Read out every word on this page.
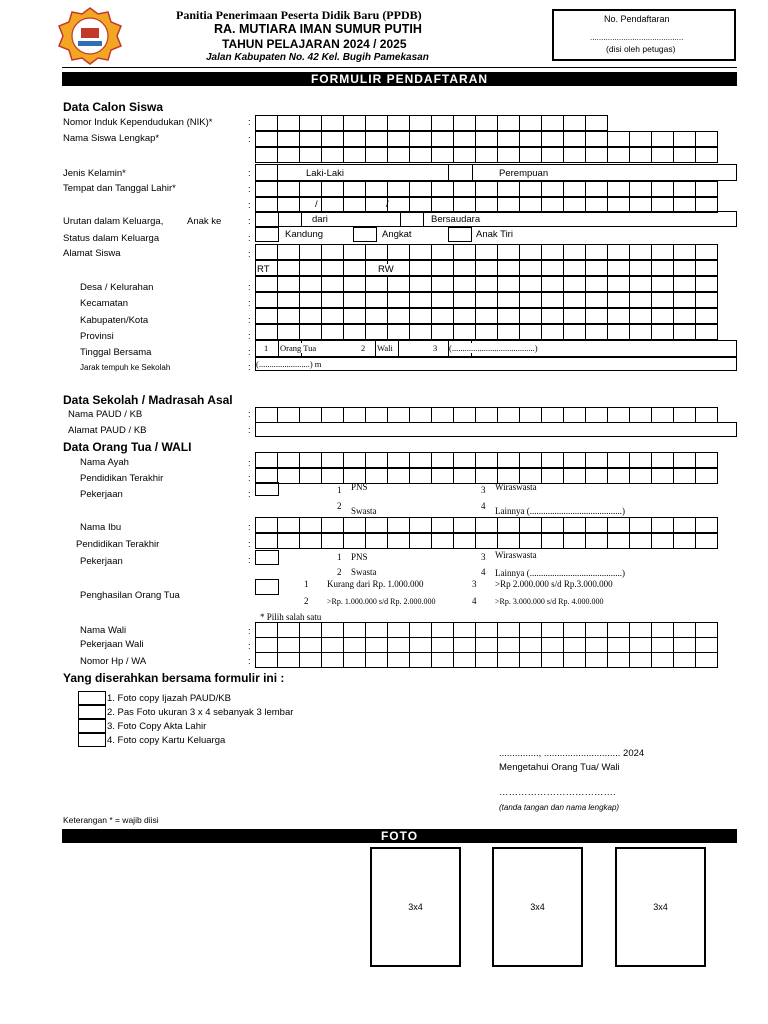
Panitia Penerimaan Peserta Didik Baru (PPDB)
RA. MUTIARA IMAN SUMUR PUTIH
TAHUN PELAJARAN 2024 / 2025
Jalan Kabupaten No. 42 Kel. Bugih Pamekasan
No. Pendaftaran
..........................................
(disi oleh petugas)
FORMULIR PENDAFTARAN
Data Calon Siswa
Nomor Induk Kependudukan (NIK)*	:
Nama Siswa Lengkap*	:
Jenis Kelamin*	:	Laki-Laki	Perempuan
Tempat dan Tanggal Lahir*	:
:	/	/
Urutan dalam Keluarga, Anak ke	:	dari	Bersaudara
Status dalam Keluarga	:	Kandung	Angkat	Anak Tiri
Alamat Siswa	:
RT	RW
Desa / Kelurahan	:
Kecamatan	:
Kabupaten/Kota	:
Provinsi	:
Tinggal Bersama	: 1 Orang Tua	2 Wali	3 (.......................................)
Jarak tempuh ke Sekolah	: (........................) m
Data Sekolah / Madrasah Asal
Nama PAUD / KB	:
Alamat PAUD / KB	:
Data Orang Tua / WALI
Nama Ayah	:
Pendidikan Terakhir	:
Pekerjaan	:	1 PNS
2 Swasta
3 Wiraswasta
4 Lainnya (.........................................)
Nama Ibu	:
Pendidikan Terakhir	:
Pekerjaan	:	1 PNS
2 Swasta
3 Wiraswasta
4 Lainnya (.........................................)
Penghasilan Orang Tua
1 Kurang dari Rp. 1.000.000
2 >Rp. 1.000.000 s/d Rp. 2.000.000
3 >Rp 2.000.000 s/d Rp.3.000.000
4 >Rp. 3.000.000 s/d Rp. 4.000.000
* Pilih salah satu
Nama Wali	:
Pekerjaan Wali	:
Nomor Hp / WA	:
Yang diserahkan bersama formulir ini :
1. Foto copy Ijazah PAUD/KB
2. Pas Foto ukuran 3 x 4 sebanyak 3 lembar
3. Foto Copy Akta Lahir
4. Foto copy Kartu Keluarga
..............., ............................. 2024
Mengetahui Orang Tua/ Wali
……………………………….
(tanda tangan dan nama lengkap)
Keterangan * = wajib diisi
FOTO
3x4	3x4	3x4
